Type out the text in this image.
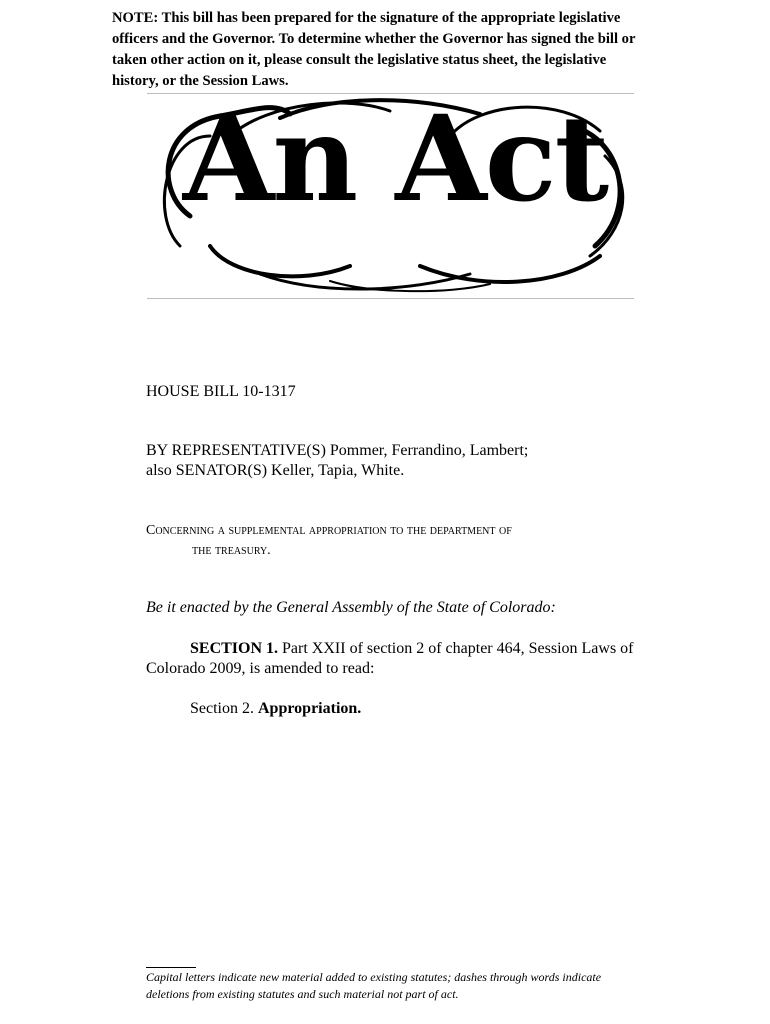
NOTE: This bill has been prepared for the signature of the appropriate legislative officers and the Governor. To determine whether the Governor has signed the bill or taken other action on it, please consult the legislative status sheet, the legislative history, or the Session Laws.

An Act

HOUSE BILL 10-1317

BY REPRESENTATIVE(S) Pommer, Ferrandino, Lambert;
also SENATOR(S) Keller, Tapia, White.

Concerning a supplemental appropriation to the department of
the treasury.

Be it enacted by the General Assembly of the State of Colorado:

SECTION 1. Part XXII of section 2 of chapter 464, Session Laws of Colorado 2009, is amended to read:

Section 2. Appropriation.

Capital letters indicate new material added to existing statutes; dashes through words indicate deletions from existing statutes and such material not part of act.
